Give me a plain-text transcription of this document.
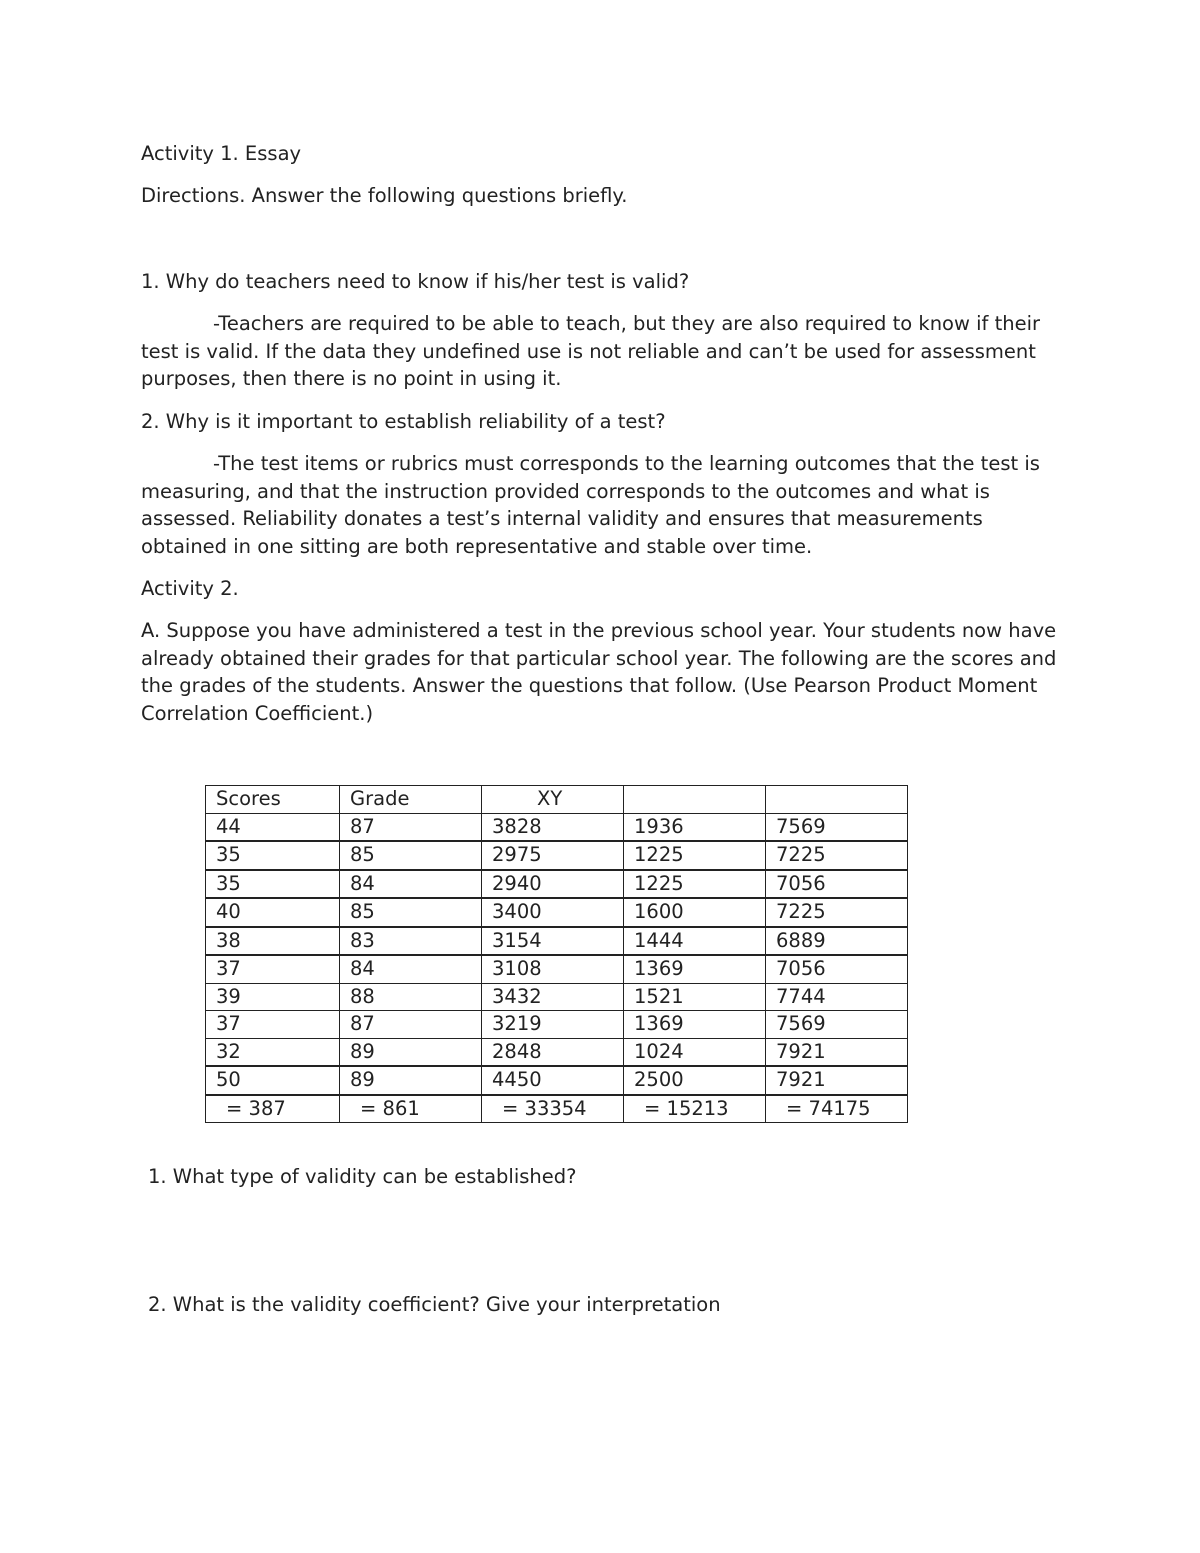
Activity 1. Essay
Directions. Answer the following questions briefly.
1. Why do teachers need to know if his/her test is valid?
-Teachers are required to be able to teach, but they are also required to know if their test is valid. If the data they undefined use is not reliable and can’t be used for assessment purposes, then there is no point in using it.
2. Why is it important to establish reliability of a test?
-The test items or rubrics must corresponds to the learning outcomes that the test is measuring, and that the instruction provided corresponds to the outcomes and what is assessed. Reliability donates a test’s internal validity and ensures that measurements obtained in one sitting are both representative and stable over time.
Activity 2.
A. Suppose you have administered a test in the previous school year. Your students now have already obtained their grades for that particular school year. The following are the scores and the grades of the students. Answer the questions that follow. (Use Pearson Product Moment Correlation Coefficient.)
Scores	Grade	XY		
44	87	3828	1936	7569
35	85	2975	1225	7225
35	84	2940	1225	7056
40	85	3400	1600	7225
38	83	3154	1444	6889
37	84	3108	1369	7056
39	88	3432	1521	7744
37	87	3219	1369	7569
32	89	2848	1024	7921
50	89	4450	2500	7921
= 387	= 861	= 33354	= 15213	= 74175
1. What type of validity can be established?
2. What is the validity coefficient? Give your interpretation
